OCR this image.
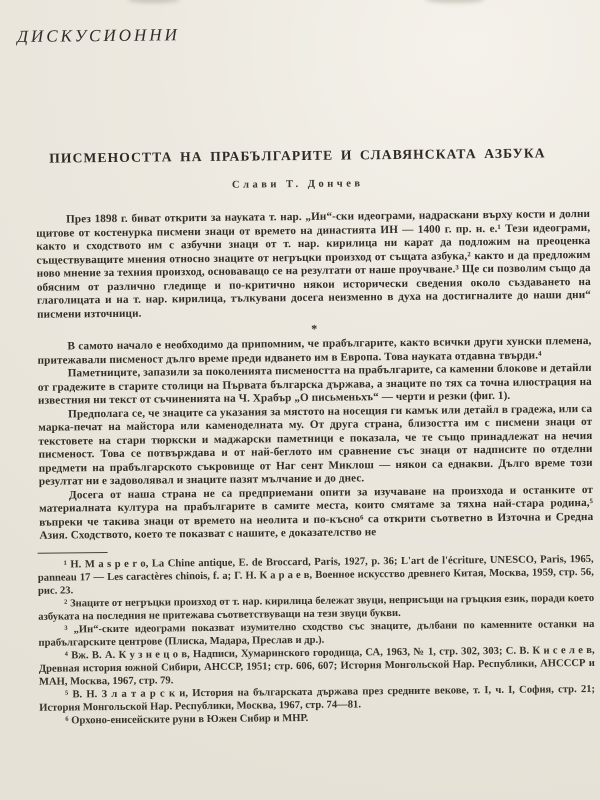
ДИСКУСИОННИ
ПИСМЕНОСТТА НА ПРАБЪЛГАРИТЕ И СЛАВЯНСКАТА АЗБУКА
Слави Т. Дончев

През 1898 г. биват открити за науката т. нар. „Ин“-ски идеограми, надраскани върху кости и долни щитове от костенурка писмени знаци от времето на династията ИН — 1400 г. пр. н. е.¹ Тези идеограми, както и сходството им с азбучни знаци от т. нар. кирилица ни карат да подложим на преоценка съществуващите мнения относно знаците от негръцки произход от същата азбука,² както и да предложим ново мнение за техния произход, основаващо се на резултати от наше проучване.³ Ще си позволим също да обясним от различно гледище и по-критично някои исторически сведения около създаването на глаголицата и на т. нар. кирилица, тълкувани досега неизменно в духа на достигналите до наши дни“ писмени източници.

*

В самото начало е необходимо да припомним, че прабългарите, както всички други хунски племена, притежавали писменост дълго време преди идването им в Европа. Това науката отдавна твърди.⁴

Паметниците, запазили за поколенията писмеността на прабългарите, са каменни блокове и детайли от градежите в старите столици на Първата българска държава, а знаците по тях са точна илюстрация на известния ни текст от съчиненията на Ч. Храбър „О письменьхъ“ — черти и резки (фиг. 1).

Предполага се, че знаците са указания за мястото на носещия ги камък или детайл в градежа, или са марка-печат на майстора или каменоделната му. От друга страна, близостта им с писмени знаци от текстовете на стари тюркски и маджарски паметници е показала, че те също принадлежат на нечия писменост. Това се потвърждава и от най-беглото им сравнение със знаци от надписите по отделни предмети на прабългарското съкровище от Наг сент Миклош — някои са еднакви. Дълго време този резултат ни е задоволявал и знаците пазят мълчание и до днес.

Досега от наша страна не са предприемани опити за изучаване на произхода и останките от материалната култура на прабългарите в самите места, които смятаме за тяхна най-стара родина,⁵ въпреки че такива знаци от времето на неолита и по-късно⁶ са открити съответно в Източна и Средна Азия. Сходството, което те показват с нашите, е доказателство не

¹ H. M a s p e r o, La Chine antique, E. de Broccard, Paris, 1927, p. 36; L'art de l'écriture, UNESCO, Paris, 1965, panneau 17 — Les caractères chinois, f. a; Г. Н. К а р а е в, Военное искусство древнего Китая, Москва, 1959, стр. 56, рис. 23.

² Знаците от негръцки произход от т. нар. кирилица бележат звуци, неприсъщи на гръцкия език, поради което азбуката на последния не притежава съответствуващи на тези звуци букви.

³ „Ин“-ските идеограми показват изумително сходство със знаците, дълбани по каменните останки на прабългарските центрове (Плиска, Мадара, Преслав и др.).

⁴ Вж. В. А. К у з н е ц о в, Надписи, Хумаринского городища, СА, 1963, № 1, стр. 302, 303; С. В. К и с е л е в, Древная история южной Сибири, АНССР, 1951; стр. 606, 607; История Монгольской Нар. Республики, АНСССР и МАН, Москва, 1967, стр. 79.

⁵ В. Н. З л а т а р с к и, История на българската държава през средните векове, т. I, ч. I, София, стр. 21; История Монгольской Нар. Республики, Москва, 1967, стр. 74—81.

⁶ Орхоно-енисейските руни в Южен Сибир и МНР.
